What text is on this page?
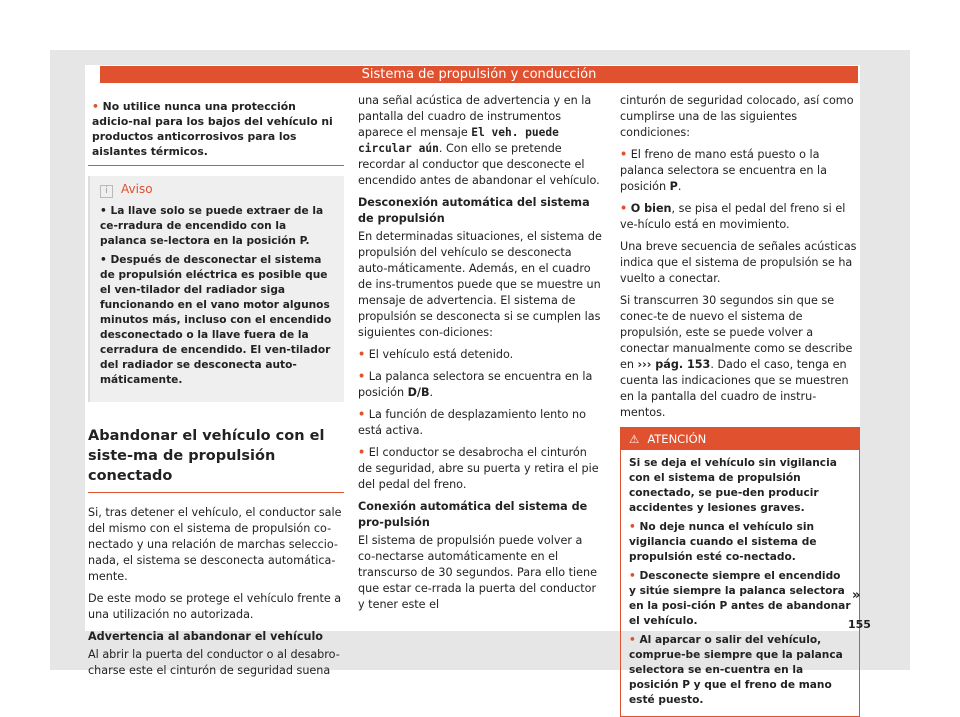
Sistema de propulsión y conducción
• No utilice nunca una protección adicio-nal para los bajos del vehículo ni productos anticorrosivos para los aislantes térmicos.
i Aviso

• La llave solo se puede extraer de la ce-rradura de encendido con la palanca se-lectora en la posición P.

• Después de desconectar el sistema de propulsión eléctrica es posible que el ven-tilador del radiador siga funcionando en el vano motor algunos minutos más, incluso con el encendido desconectado o la llave fuera de la cerradura de encendido. El ven-tilador del radiador se desconecta auto-máticamente.

Abandonar el vehículo con el siste-ma de propulsión conectado

Si, tras detener el vehículo, el conductor sale del mismo con el sistema de propulsión co-nectado y una relación de marchas seleccio-nada, el sistema se desconecta automática-mente.

De este modo se protege el vehículo frente a una utilización no autorizada.

Advertencia al abandonar el vehículo

Al abrir la puerta del conductor o al desabro-charse este el cinturón de seguridad suena

una señal acústica de advertencia y en la pantalla del cuadro de instrumentos aparece el mensaje El veh. puede circular aún. Con ello se pretende recordar al conductor que desconecte el encendido antes de abandonar el vehículo.

Desconexión automática del sistema de propulsión

En determinadas situaciones, el sistema de propulsión del vehículo se desconecta auto-máticamente. Además, en el cuadro de ins-trumentos puede que se muestre un mensaje de advertencia. El sistema de propulsión se desconecta si se cumplen las siguientes con-diciones:

• El vehículo está detenido.

• La palanca selectora se encuentra en la posición D/B.

• La función de desplazamiento lento no está activa.

• El conductor se desabrocha el cinturón de seguridad, abre su puerta y retira el pie del pedal del freno.

Conexión automática del sistema de pro-pulsión

El sistema de propulsión puede volver a co-nectarse automáticamente en el transcurso de 30 segundos. Para ello tiene que estar ce-rrada la puerta del conductor y tener este el

cinturón de seguridad colocado, así como cumplirse una de las siguientes condiciones:

• El freno de mano está puesto o la palanca selectora se encuentra en la posición P.

• O bien, se pisa el pedal del freno si el ve-hículo está en movimiento.

Una breve secuencia de señales acústicas indica que el sistema de propulsión se ha vuelto a conectar.

Si transcurren 30 segundos sin que se conec-te de nuevo el sistema de propulsión, este se puede volver a conectar manualmente como se describe en ››› pág. 153. Dado el caso, tenga en cuenta las indicaciones que se muestren en la pantalla del cuadro de instru-mentos.

⚠ ATENCIÓN

Si se deja el vehículo sin vigilancia con el sistema de propulsión conectado, se pue-den producir accidentes y lesiones graves.

• No deje nunca el vehículo sin vigilancia cuando el sistema de propulsión esté co-nectado.

• Desconecte siempre el encendido y sitúe siempre la palanca selectora en la posi-ción P antes de abandonar el vehículo.

• Al aparcar o salir del vehículo, comprue-be siempre que la palanca selectora se en-cuentra en la posición P y que el freno de mano esté puesto.

»
155
